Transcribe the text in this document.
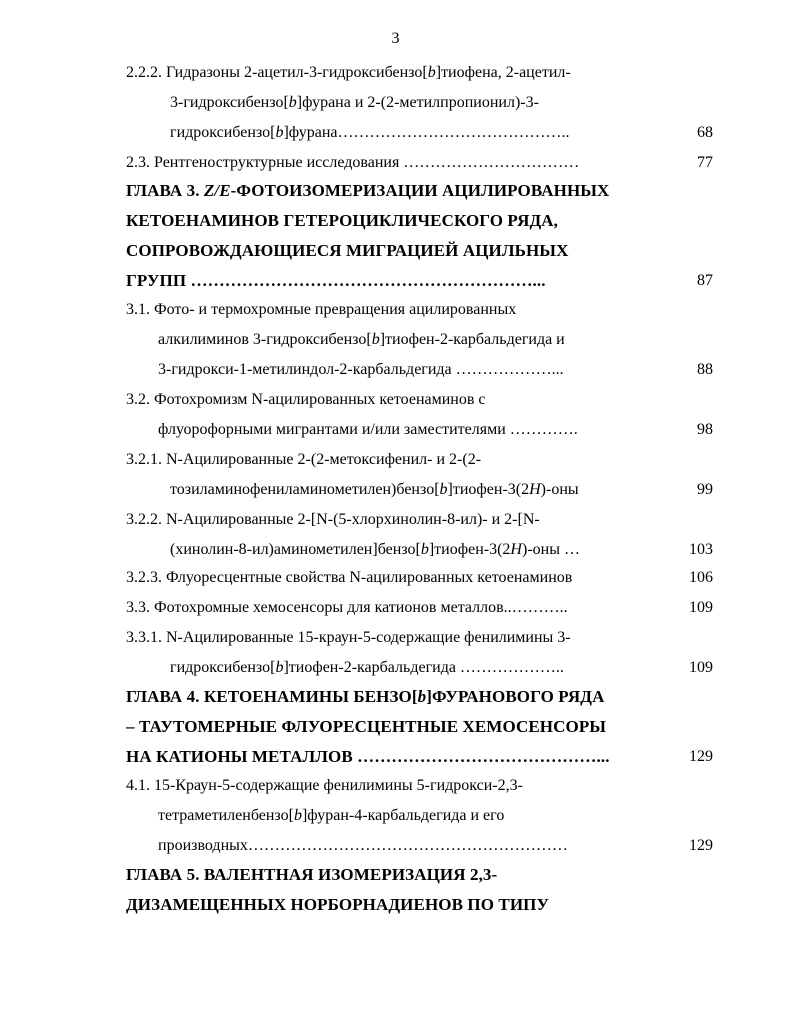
3
2.2.2. Гидразоны 2-ацетил-3-гидроксибензо[b]тиофена, 2-ацетил-
3-гидроксибензо[b]фурана и 2-(2-метилпропионил)-3-
гидроксибензо[b]фурана……………………………………..	68
2.3. Рентгеноструктурные исследования ……………………………	77
ГЛАВА 3. Z/E-ФОТОИЗОМЕРИЗАЦИИ АЦИЛИРОВАННЫХ
КЕТОЕНАМИНОВ ГЕТЕРОЦИКЛИЧЕСКОГО РЯДА,
СОПРОВОЖДАЮЩИЕСЯ МИГРАЦИЕЙ АЦИЛЬНЫХ
ГРУПП ……………………………………………………...	87
3.1. Фото- и термохромные превращения ацилированных
алкилиминов 3-гидроксибензо[b]тиофен-2-карбальдегида и
3-гидрокси-1-метилиндол-2-карбальдегида ………………...	88
3.2. Фотохромизм N-ацилированных кетоенаминов с
флуорофорными мигрантами и/или заместителями ………….	98
3.2.1. N-Ацилированные 2-(2-метоксифенил- и 2-(2-
тозиламинофениламинометилен)бензо[b]тиофен-3(2H)-оны	99
3.2.2. N-Ацилированные 2-[N-(5-хлорхинолин-8-ил)- и 2-[N-
(хинолин-8-ил)аминометилен]бензо[b]тиофен-3(2H)-оны …	103
3.2.3. Флуоресцентные свойства N-ацилированных кетоенаминов	106
3.3. Фотохромные хемосенсоры для катионов металлов..………..	109
3.3.1. N-Ацилированные 15-краун-5-содержащие фенилимины 3-
гидроксибензо[b]тиофен-2-карбальдегида ………………..	109
ГЛАВА 4. КЕТОЕНАМИНЫ БЕНЗО[b]ФУРАНОВОГО РЯДА
– ТАУТОМЕРНЫЕ ФЛУОРЕСЦЕНТНЫЕ ХЕМОСЕНСОРЫ
НА КАТИОНЫ МЕТАЛЛОВ ……………………………………...	129
4.1. 15-Краун-5-содержащие фенилимины 5-гидрокси-2,3-
тетраметиленбензо[b]фуран-4-карбальдегида и его
производных……………………………………………………	129
ГЛАВА 5. ВАЛЕНТНАЯ ИЗОМЕРИЗАЦИЯ 2,3-
ДИЗАМЕЩЕННЫХ НОРБОРНАДИЕНОВ ПО ТИПУ
